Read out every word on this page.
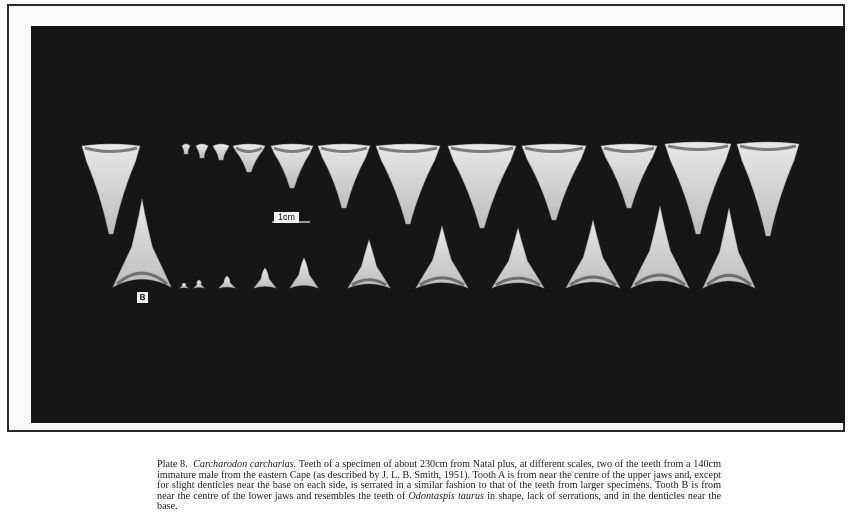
1cm
B
Plate 8. Carcharodon carcharias. Teeth of a specimen of about 230cm from Natal plus, at different scales, two of the teeth from a 140cm immature male from the eastern Cape (as described by J. L. B. Smith, 1951). Tooth A is from near the centre of the upper jaws and, except for slight denticles near the base on each side, is serrated in a similar fashion to that of the teeth from larger specimens. Tooth B is from near the centre of the lower jaws and resembles the teeth of Odontaspis taurus in shape, lack of serrations, and in the denticles near the base.
